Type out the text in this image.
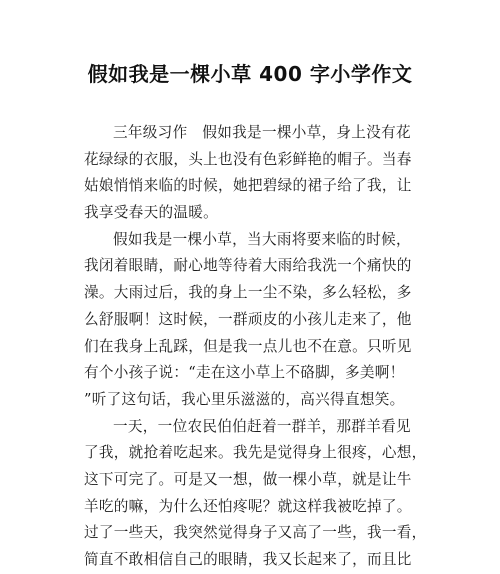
假如我是一棵小草 400 字小学作文
三年级习作　假如我是一棵小草，身上没有花
花绿绿的衣服，头上也没有色彩鲜艳的帽子。当春
姑娘悄悄来临的时候，她把碧绿的裙子给了我，让
我享受春天的温暖。
假如我是一棵小草，当大雨将要来临的时候，
我闭着眼睛，耐心地等待着大雨给我洗一个痛快的
澡。大雨过后，我的身上一尘不染，多么轻松，多
么舒服啊！这时候，一群顽皮的小孩儿走来了，他
们在我身上乱踩，但是我一点儿也不在意。只听见
有个小孩子说：“走在这小草上不硌脚，多美啊！
”听了这句话，我心里乐滋滋的，高兴得直想笑。
一天，一位农民伯伯赶着一群羊，那群羊看见
了我，就抢着吃起来。我先是觉得身上很疼，心想，
这下可完了。可是又一想，做一棵小草，就是让牛
羊吃的嘛，为什么还怕疼呢？就这样我被吃掉了。
过了一些天，我突然觉得身子又高了一些，我一看，
简直不敢相信自己的眼睛，我又长起来了，而且比
